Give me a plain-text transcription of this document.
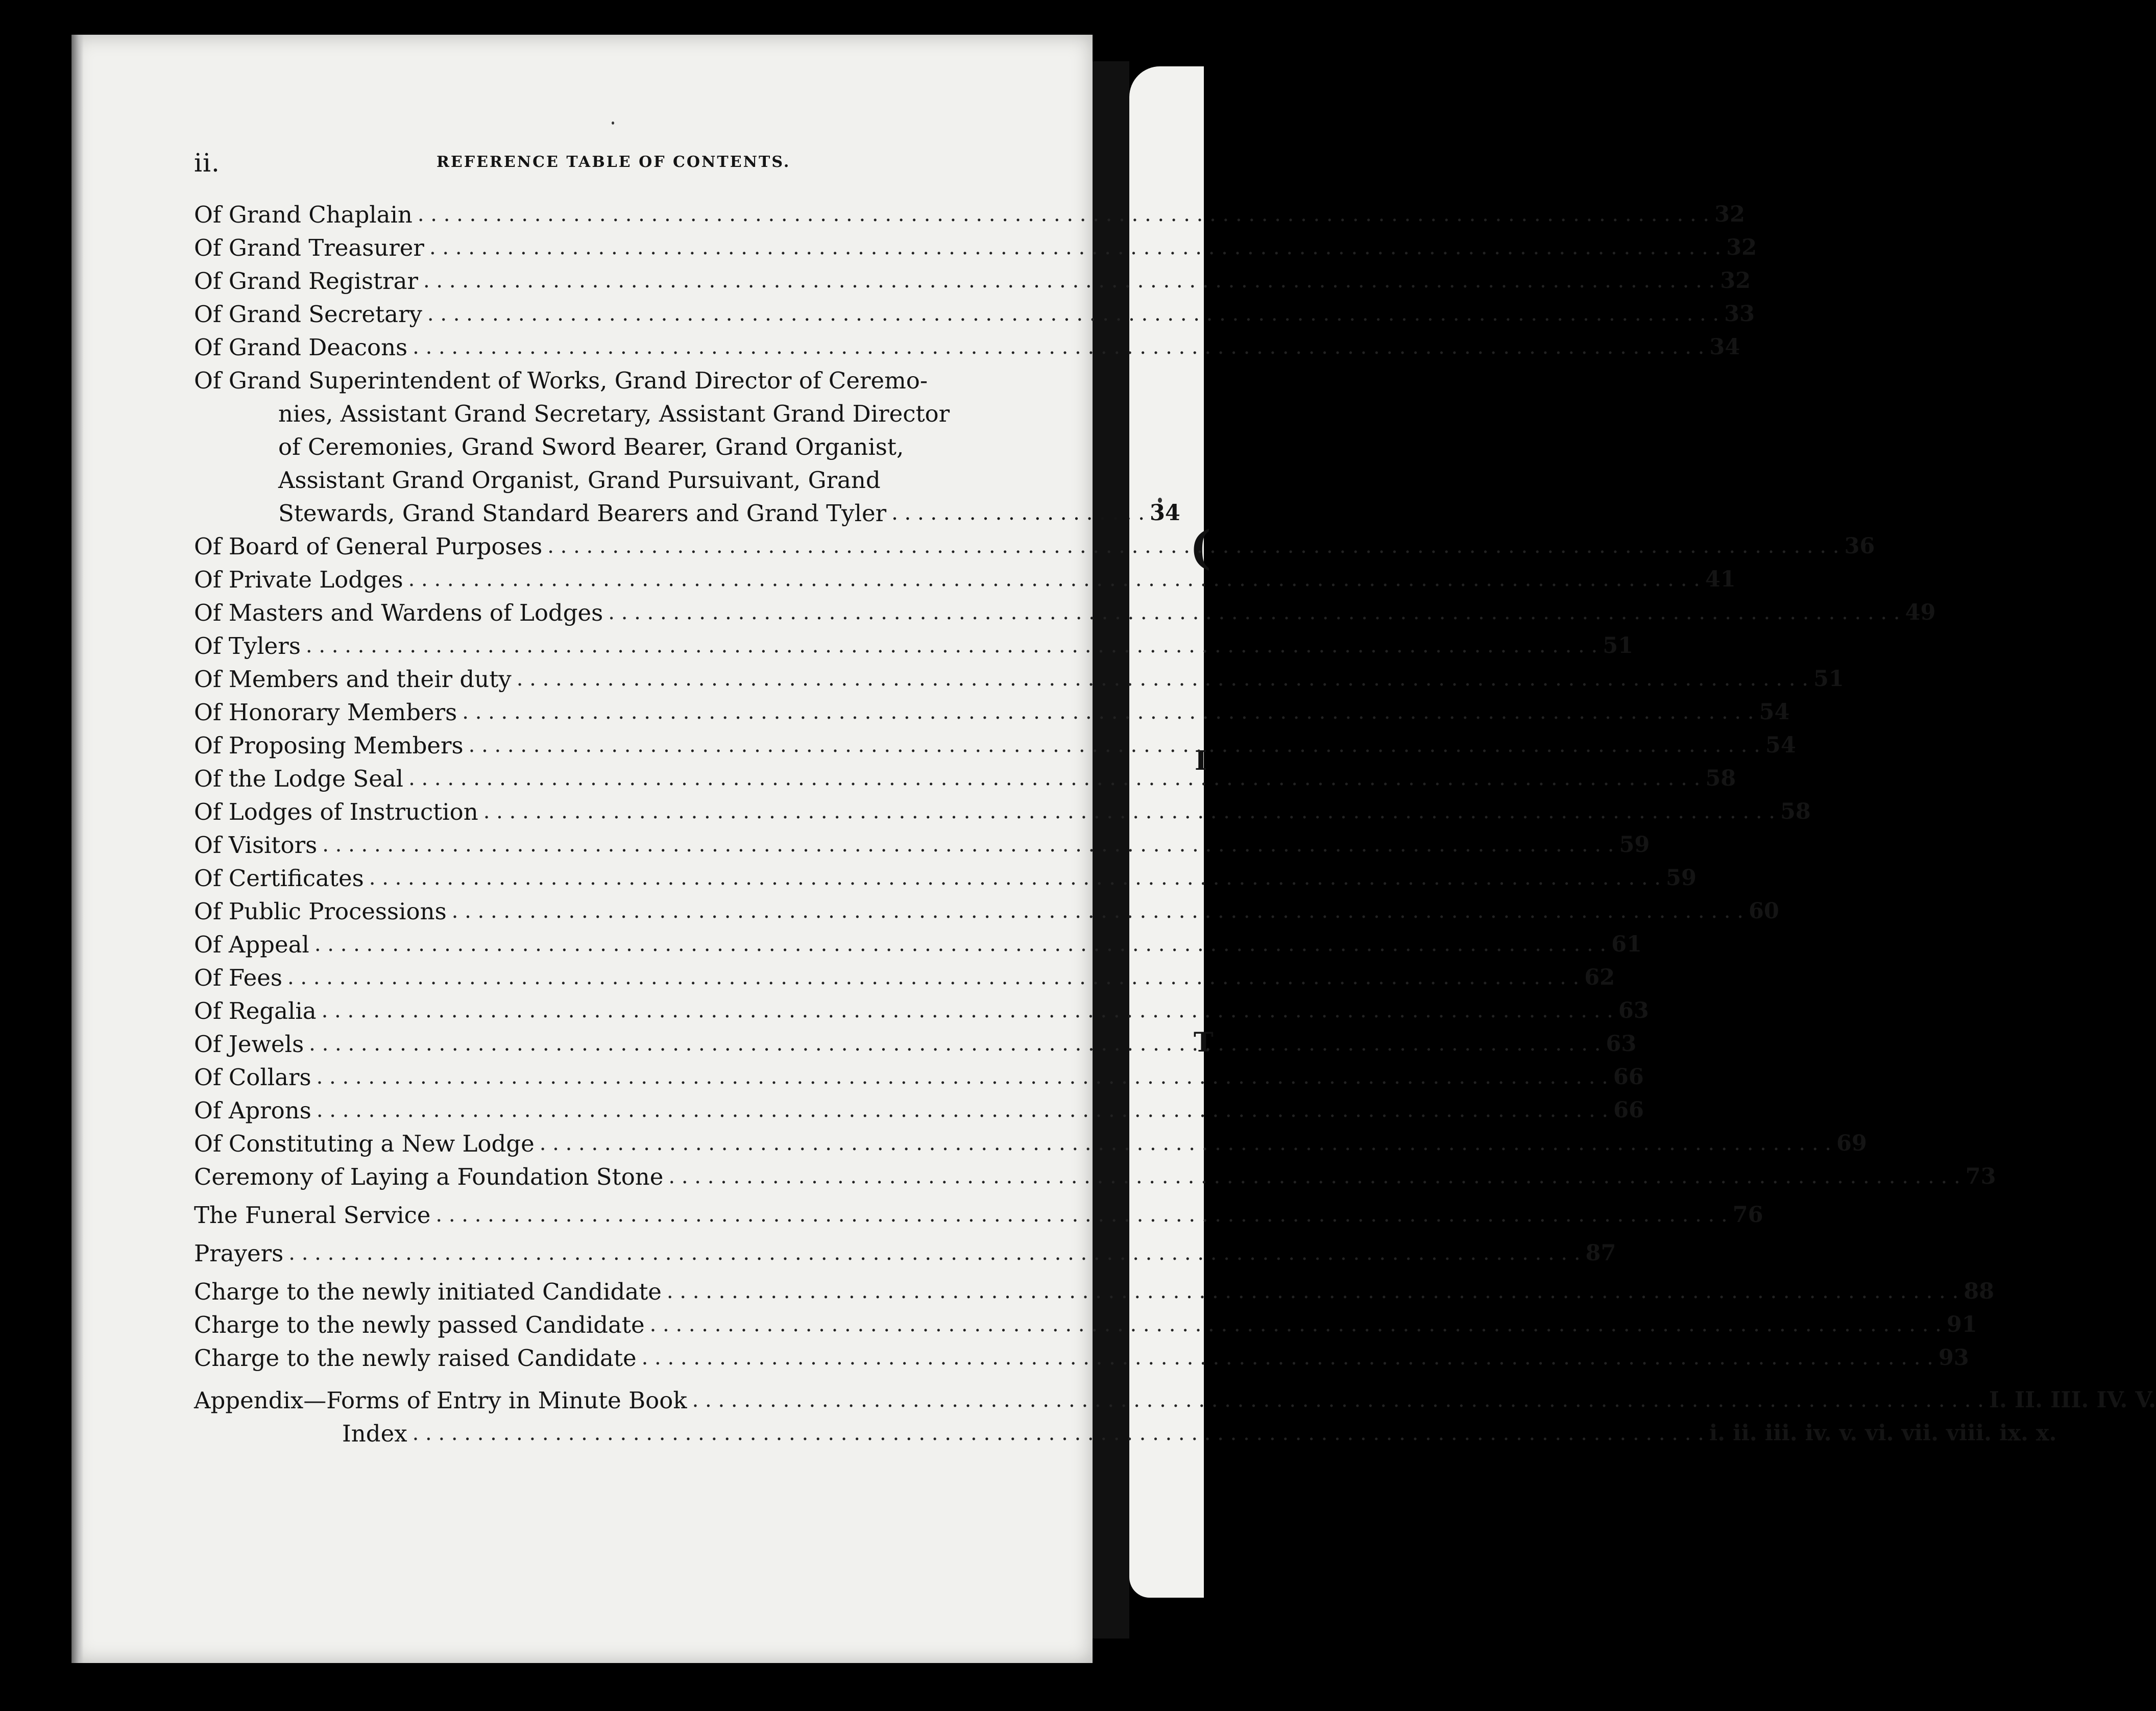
(
I
T
ii.	REFERENCE TABLE OF CONTENTS.
Of Grand Chaplain . . .	32
Of Grand Treasurer . . .	32
Of Grand Registrar . . .	32
Of Grand Secretary . . .	33
Of Grand Deacons . . .	34
Of Grand Superintendent of Works, Grand Director of Ceremo-
nies, Assistant Grand Secretary, Assistant Grand Director
of Ceremonies, Grand Sword Bearer, Grand Organist,
Assistant Grand Organist, Grand Pursuivant, Grand
Stewards, Grand Standard Bearers and Grand Tyler . . .	34
Of Board of General Purposes . . .	36
Of Private Lodges . . .	41
Of Masters and Wardens of Lodges . . .	49
Of Tylers . . .	51
Of Members and their duty . . .	51
Of Honorary Members . . .	54
Of Proposing Members . . .	54
Of the Lodge Seal . . .	58
Of Lodges of Instruction . . .	58
Of Visitors . . .	59
Of Certificates . . .	59
Of Public Processions . . .	60
Of Appeal . . .	61
Of Fees . . .	62
Of Regalia . . .	63
Of Jewels . . .	63
Of Collars . . .	66
Of Aprons . . .	66
Of Constituting a New Lodge . . .	69
Ceremony of Laying a Foundation Stone . . .	73
The Funeral Service . . .	76
Prayers . . .	87
Charge to the newly initiated Candidate . . .	88
Charge to the newly passed Candidate . . .	91
Charge to the newly raised Candidate . . .	93
Appendix—Forms of Entry in Minute Book . . .	I. II. III. IV. V.
Index . . .	i. ii. iii. iv. v. vi. vii. viii. ix. x.
